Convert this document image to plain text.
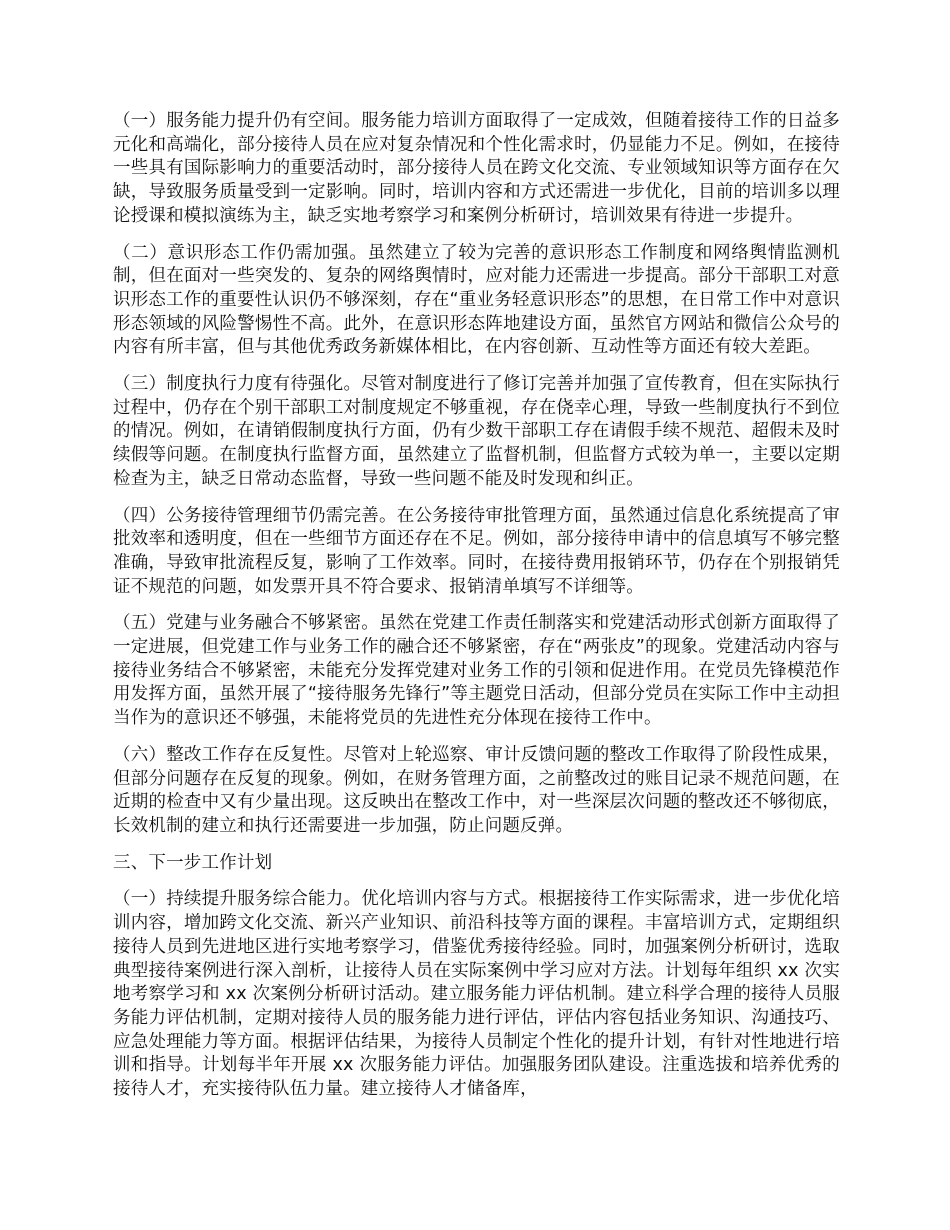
（一）服务能力提升仍有空间。服务能力培训方面取得了一定成效，但随着接待工作的日益多元化和高端化，部分接待人员在应对复杂情况和个性化需求时，仍显能力不足。例如，在接待一些具有国际影响力的重要活动时，部分接待人员在跨文化交流、专业领域知识等方面存在欠缺，导致服务质量受到一定影响。同时，培训内容和方式还需进一步优化，目前的培训多以理论授课和模拟演练为主，缺乏实地考察学习和案例分析研讨，培训效果有待进一步提升。

（二）意识形态工作仍需加强。虽然建立了较为完善的意识形态工作制度和网络舆情监测机制，但在面对一些突发的、复杂的网络舆情时，应对能力还需进一步提高。部分干部职工对意识形态工作的重要性认识仍不够深刻，存在“重业务轻意识形态”的思想，在日常工作中对意识形态领域的风险警惕性不高。此外，在意识形态阵地建设方面，虽然官方网站和微信公众号的内容有所丰富，但与其他优秀政务新媒体相比，在内容创新、互动性等方面还有较大差距。

（三）制度执行力度有待强化。尽管对制度进行了修订完善并加强了宣传教育，但在实际执行过程中，仍存在个别干部职工对制度规定不够重视，存在侥幸心理，导致一些制度执行不到位的情况。例如，在请销假制度执行方面，仍有少数干部职工存在请假手续不规范、超假未及时续假等问题。在制度执行监督方面，虽然建立了监督机制，但监督方式较为单一，主要以定期检查为主，缺乏日常动态监督，导致一些问题不能及时发现和纠正。

（四）公务接待管理细节仍需完善。在公务接待审批管理方面，虽然通过信息化系统提高了审批效率和透明度，但在一些细节方面还存在不足。例如，部分接待申请中的信息填写不够完整准确，导致审批流程反复，影响了工作效率。同时，在接待费用报销环节，仍存在个别报销凭证不规范的问题，如发票开具不符合要求、报销清单填写不详细等。

（五）党建与业务融合不够紧密。虽然在党建工作责任制落实和党建活动形式创新方面取得了一定进展，但党建工作与业务工作的融合还不够紧密，存在“两张皮”的现象。党建活动内容与接待业务结合不够紧密，未能充分发挥党建对业务工作的引领和促进作用。在党员先锋模范作用发挥方面，虽然开展了“接待服务先锋行”等主题党日活动，但部分党员在实际工作中主动担当作为的意识还不够强，未能将党员的先进性充分体现在接待工作中。

（六）整改工作存在反复性。尽管对上轮巡察、审计反馈问题的整改工作取得了阶段性成果，但部分问题存在反复的现象。例如，在财务管理方面，之前整改过的账目记录不规范问题，在近期的检查中又有少量出现。这反映出在整改工作中，对一些深层次问题的整改还不够彻底，长效机制的建立和执行还需要进一步加强，防止问题反弹。

三、下一步工作计划

（一）持续提升服务综合能力。优化培训内容与方式。根据接待工作实际需求，进一步优化培训内容，增加跨文化交流、新兴产业知识、前沿科技等方面的课程。丰富培训方式，定期组织接待人员到先进地区进行实地考察学习，借鉴优秀接待经验。同时，加强案例分析研讨，选取典型接待案例进行深入剖析，让接待人员在实际案例中学习应对方法。计划每年组织 xx 次实地考察学习和 xx 次案例分析研讨活动。建立服务能力评估机制。建立科学合理的接待人员服务能力评估机制，定期对接待人员的服务能力进行评估，评估内容包括业务知识、沟通技巧、应急处理能力等方面。根据评估结果，为接待人员制定个性化的提升计划，有针对性地进行培训和指导。计划每半年开展 xx 次服务能力评估。加强服务团队建设。注重选拔和培养优秀的接待人才，充实接待队伍力量。建立接待人才储备库，
